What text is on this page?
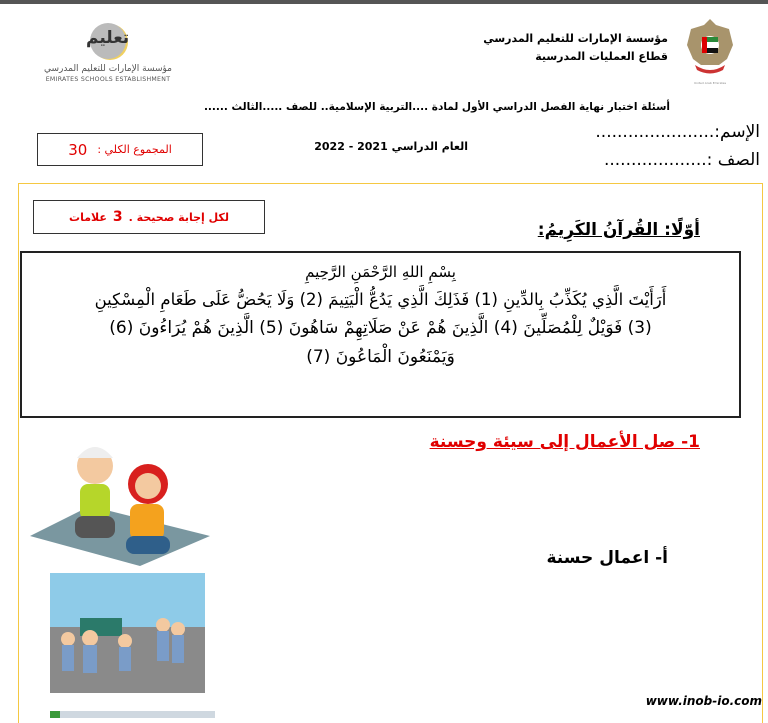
United Arab Emirates
مؤسسة الإمارات للتعليم المدرسي
قطاع العمليات المدرسية
تعليم
مؤسسة الإمارات للتعليم المدرسي
EMIRATES SCHOOLS ESTABLISHMENT
أسئلة اختبار نهاية الفصل الدراسي الأول لمادة ....التربية الإسلامية.. للصف .....الثالث ......
الإسم:......................
الصف :...................
العام الدراسي 2021 - 2022
المجموع الكلي :
30
لكل إجابة صحيحة .
3
علامات
أوّلًا: القُرآنُ الكَرِيمُ:
بِسْمِ اللهِ الرَّحْمَنِ الرَّحِيمِ
أَرَأَيْتَ الَّذِي يُكَذِّبُ بِالدِّينِ (1) فَذَلِكَ الَّذِي يَدُعُّ الْيَتِيمَ (2) وَلَا يَحُضُّ عَلَى طَعَامِ الْمِسْكِينِ
(3) فَوَيْلٌ لِلْمُصَلِّينَ (4) الَّذِينَ هُمْ عَنْ صَلَاتِهِمْ سَاهُونَ (5) الَّذِينَ هُمْ يُرَاءُونَ (6)
وَيَمْنَعُونَ الْمَاعُونَ (7)
1- صل الأعمال إلى سيئة وحسنة
أ- اعمال حسنة
www.inob-io.com
